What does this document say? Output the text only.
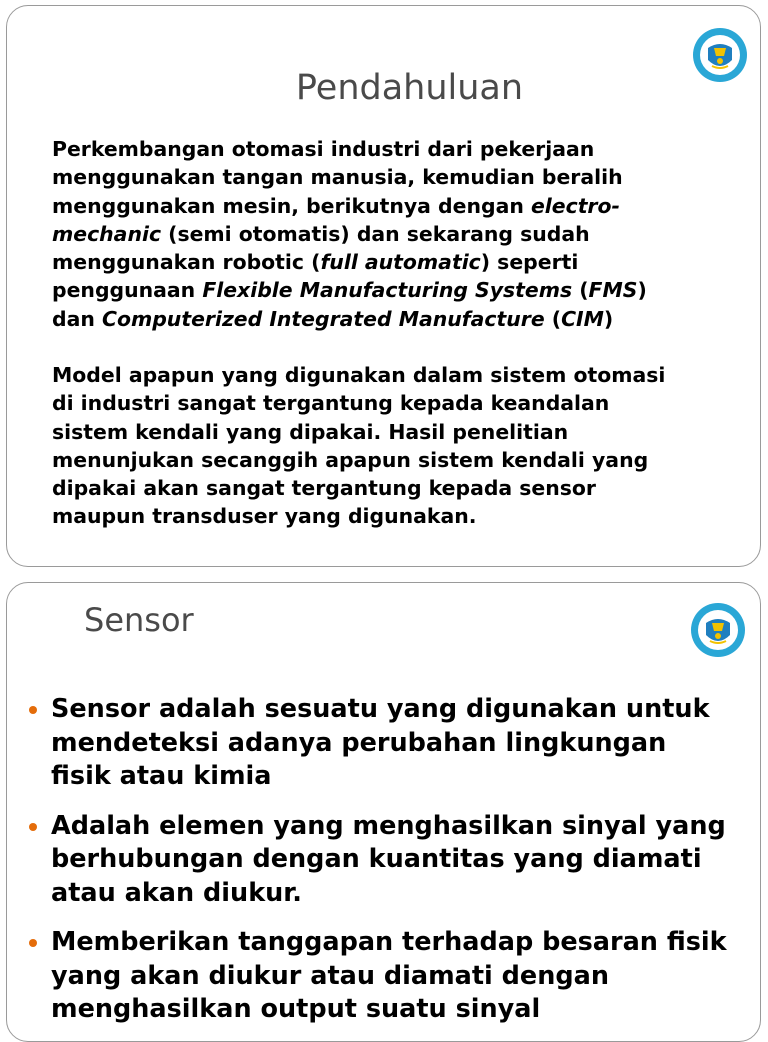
Pendahuluan

Perkembangan otomasi industri dari pekerjaan
menggunakan tangan manusia, kemudian beralih
menggunakan mesin, berikutnya dengan electro-
mechanic (semi otomatis) dan sekarang sudah
menggunakan robotic (full automatic) seperti
penggunaan Flexible Manufacturing Systems (FMS)
dan Computerized Integrated Manufacture (CIM)

Model apapun yang digunakan dalam sistem otomasi
di industri sangat tergantung kepada keandalan
sistem kendali yang dipakai. Hasil penelitian
menunjukan secanggih apapun sistem kendali yang
dipakai akan sangat tergantung kepada sensor
maupun transduser yang digunakan.

Sensor
Sensor adalah sesuatu yang digunakan untuk
mendeteksi adanya perubahan lingkungan
fisik atau kimia
Adalah elemen yang menghasilkan sinyal yang
berhubungan dengan kuantitas yang diamati
atau akan diukur.
Memberikan tanggapan terhadap besaran fisik
yang akan diukur atau diamati dengan
menghasilkan output suatu sinyal
